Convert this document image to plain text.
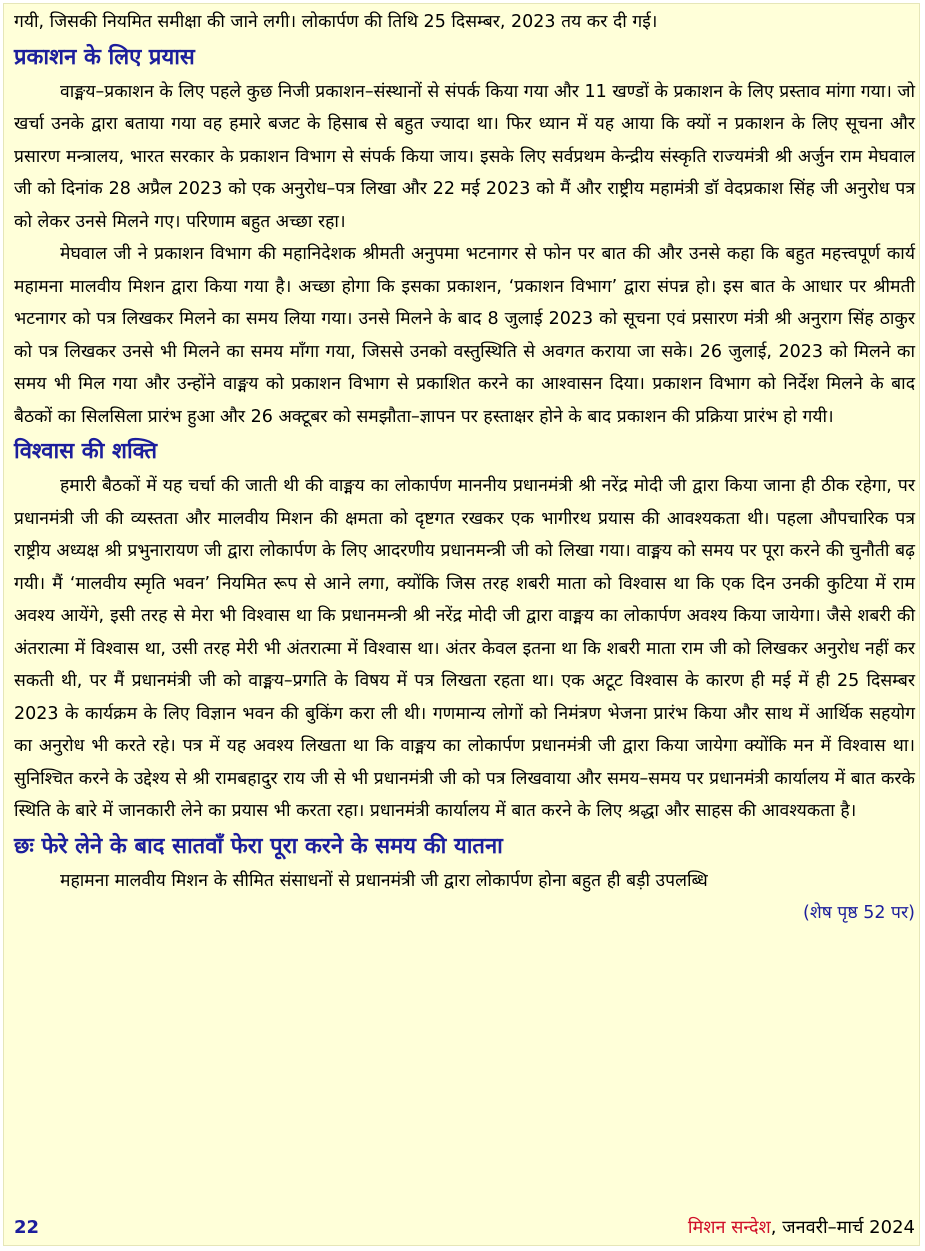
गयी, जिसकी नियमित समीक्षा की जाने लगी। लोकार्पण की तिथि 25 दिसम्बर, 2023 तय कर दी गई।

प्रकाशन के लिए प्रयास

वाङ्मय–प्रकाशन के लिए पहले कुछ निजी प्रकाशन–संस्थानों से संपर्क किया गया और 11 खण्डों के प्रकाशन के लिए प्रस्ताव मांगा गया। जो खर्चा उनके द्वारा बताया गया वह हमारे बजट के हिसाब से बहुत ज्यादा था। फिर ध्यान में यह आया कि क्यों न प्रकाशन के लिए सूचना और प्रसारण मन्त्रालय, भारत सरकार के प्रकाशन विभाग से संपर्क किया जाय। इसके लिए सर्वप्रथम केन्द्रीय संस्कृति राज्यमंत्री श्री अर्जुन राम मेघवाल जी को दिनांक 28 अप्रैल 2023 को एक अनुरोध–पत्र लिखा और 22 मई 2023 को मैं और राष्ट्रीय महामंत्री डॉ वेदप्रकाश सिंह जी अनुरोध पत्र को लेकर उनसे मिलने गए। परिणाम बहुत अच्छा रहा।

मेघवाल जी ने प्रकाशन विभाग की महानिदेशक श्रीमती अनुपमा भटनागर से फोन पर बात की और उनसे कहा कि बहुत महत्त्वपूर्ण कार्य महामना मालवीय मिशन द्वारा किया गया है। अच्छा होगा कि इसका प्रकाशन, ‘प्रकाशन विभाग’ द्वारा संपन्न हो। इस बात के आधार पर श्रीमती भटनागर को पत्र लिखकर मिलने का समय लिया गया। उनसे मिलने के बाद 8 जुलाई 2023 को सूचना एवं प्रसारण मंत्री श्री अनुराग सिंह ठाकुर को पत्र लिखकर उनसे भी मिलने का समय माँगा गया, जिससे उनको वस्तुस्थिति से अवगत कराया जा सके। 26 जुलाई, 2023 को मिलने का समय भी मिल गया और उन्होंने वाङ्मय को प्रकाशन विभाग से प्रकाशित करने का आश्वासन दिया। प्रकाशन विभाग को निर्देश मिलने के बाद बैठकों का सिलसिला प्रारंभ हुआ और 26 अक्टूबर को समझौता–ज्ञापन पर हस्ताक्षर होने के बाद प्रकाशन की प्रक्रिया प्रारंभ हो गयी।

विश्वास की शक्ति

हमारी बैठकों में यह चर्चा की जाती थी की वाङ्मय का लोकार्पण माननीय प्रधानमंत्री श्री नरेंद्र मोदी जी द्वारा किया जाना ही ठीक रहेगा, पर प्रधानमंत्री जी की व्यस्तता और मालवीय मिशन की क्षमता को दृष्टगत रखकर एक भागीरथ प्रयास की आवश्यकता थी। पहला औपचारिक पत्र राष्ट्रीय अध्यक्ष श्री प्रभुनारायण जी द्वारा लोकार्पण के लिए आदरणीय प्रधानमन्त्री जी को लिखा गया। वाङ्मय को समय पर पूरा करने की चुनौती बढ़ गयी। मैं ‘मालवीय स्मृति भवन’ नियमित रूप से आने लगा, क्योंकि जिस तरह शबरी माता को विश्वास था कि एक दिन उनकी कुटिया में राम अवश्य आयेंगे, इसी तरह से मेरा भी विश्वास था कि प्रधानमन्त्री श्री नरेंद्र मोदी जी द्वारा वाङ्मय का लोकार्पण अवश्य किया जायेगा। जैसे शबरी की अंतरात्मा में विश्वास था, उसी तरह मेरी भी अंतरात्मा में विश्वास था। अंतर केवल इतना था कि शबरी माता राम जी को लिखकर अनुरोध नहीं कर सकती थी, पर मैं प्रधानमंत्री जी को वाङ्मय–प्रगति के विषय में पत्र लिखता रहता था। एक अटूट विश्वास के कारण ही मई में ही 25 दिसम्बर 2023 के कार्यक्रम के लिए विज्ञान भवन की बुकिंग करा ली थी। गणमान्य लोगों को निमंत्रण भेजना प्रारंभ किया और साथ में आर्थिक सहयोग का अनुरोध भी करते रहे। पत्र में यह अवश्य लिखता था कि वाङ्मय का लोकार्पण प्रधानमंत्री जी द्वारा किया जायेगा क्योंकि मन में विश्वास था। सुनिश्चित करने के उद्देश्य से श्री रामबहादुर राय जी से भी प्रधानमंत्री जी को पत्र लिखवाया और समय–समय पर प्रधानमंत्री कार्यालय में बात करके स्थिति के बारे में जानकारी लेने का प्रयास भी करता रहा। प्रधानमंत्री कार्यालय में बात करने के लिए श्रद्धा और साहस की आवश्यकता है।

छः फेरे लेने के बाद सातवाँ फेरा पूरा करने के समय की यातना

महामना मालवीय मिशन के सीमित संसाधनों से प्रधानमंत्री जी द्वारा लोकार्पण होना बहुत ही बड़ी उपलब्धि

(शेष पृष्ठ 52 पर)

22	मिशन सन्देश, जनवरी–मार्च 2024
